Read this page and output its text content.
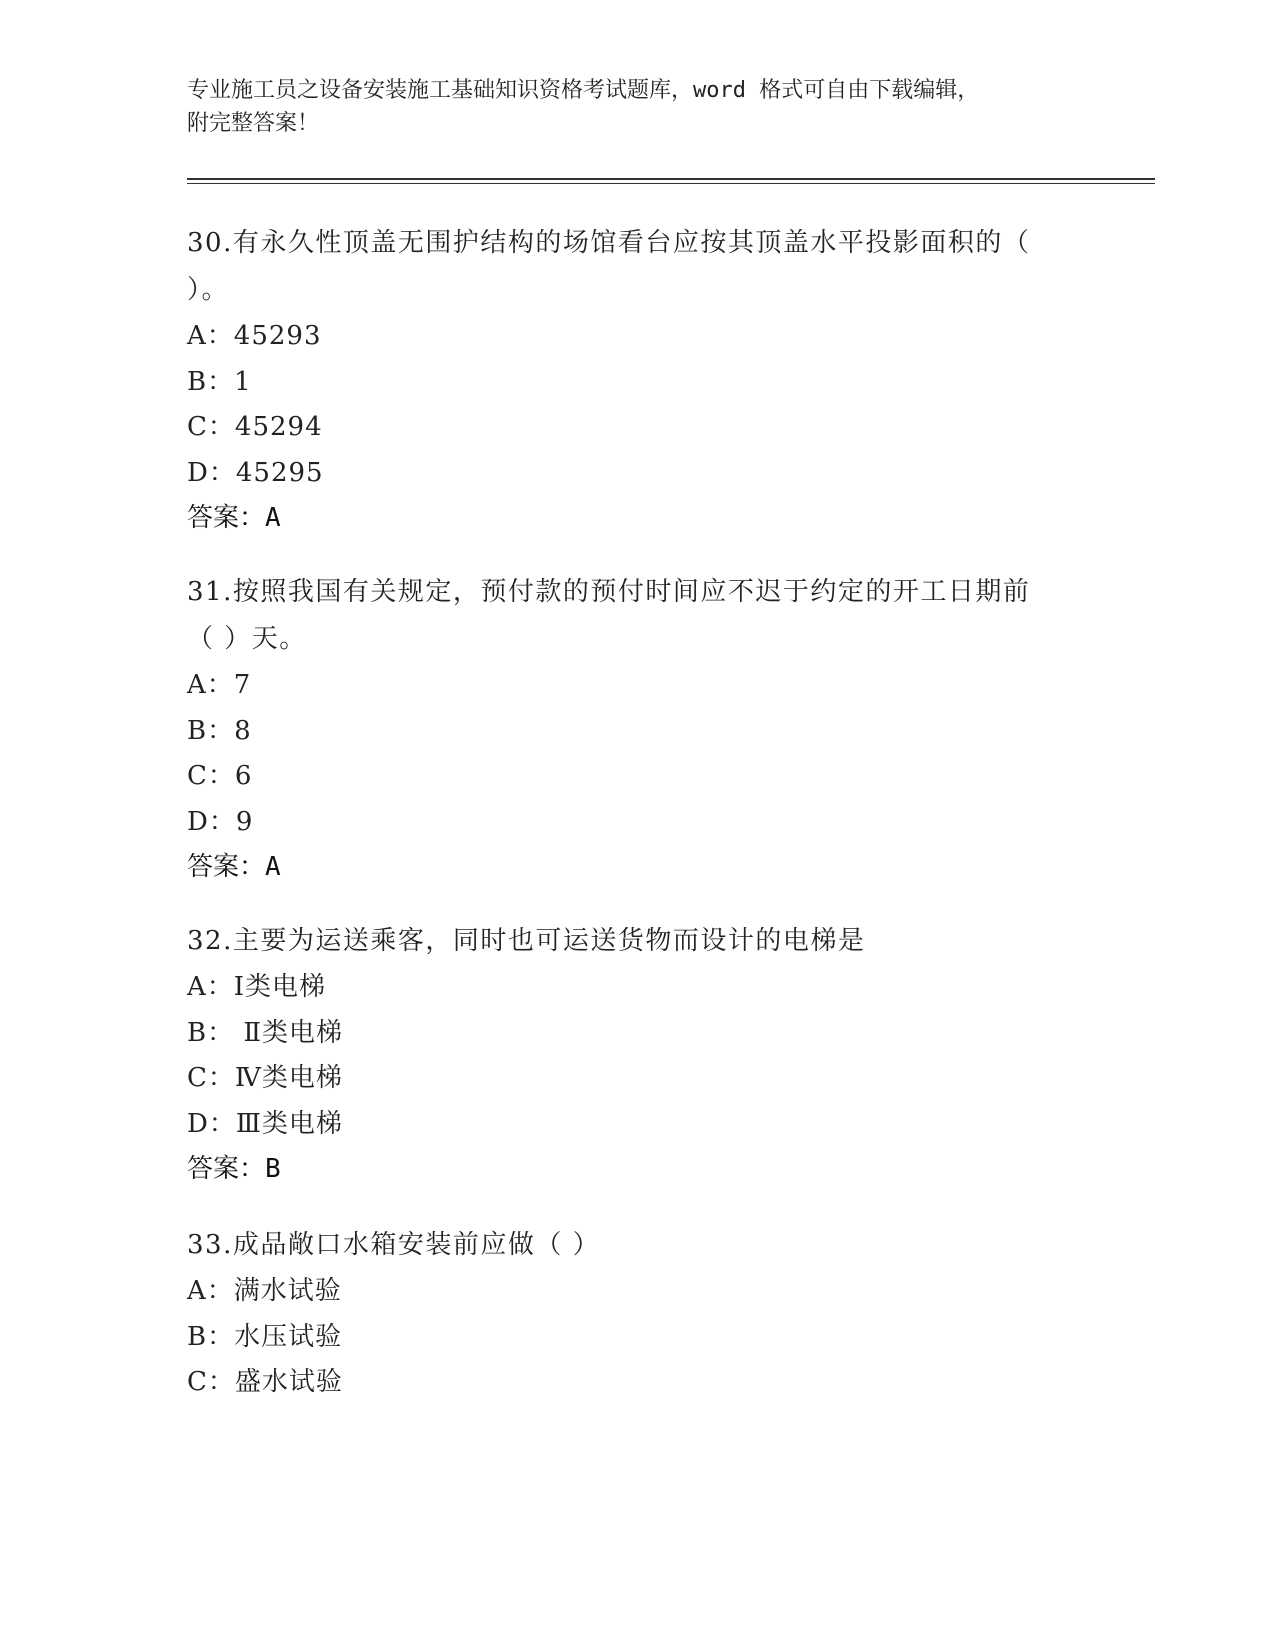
专业施工员之设备安装施工基础知识资格考试题库，word 格式可自由下载编辑，
附完整答案！

30.有永久性顶盖无围护结构的场馆看台应按其顶盖水平投影面积的（

）。

A：45293

B：1

C：45294

D：45295

答案：A

31.按照我国有关规定，预付款的预付时间应不迟于约定的开工日期前

（ ）天。

A：7

B：8

C：6

D：9

答案：A

32.主要为运送乘客，同时也可运送货物而设计的电梯是

A：Ⅰ类电梯

B： Ⅱ类电梯

C：Ⅳ类电梯

D：Ⅲ类电梯

答案：B

33.成品敞口水箱安装前应做（ ）

A：满水试验

B：水压试验

C：盛水试验
